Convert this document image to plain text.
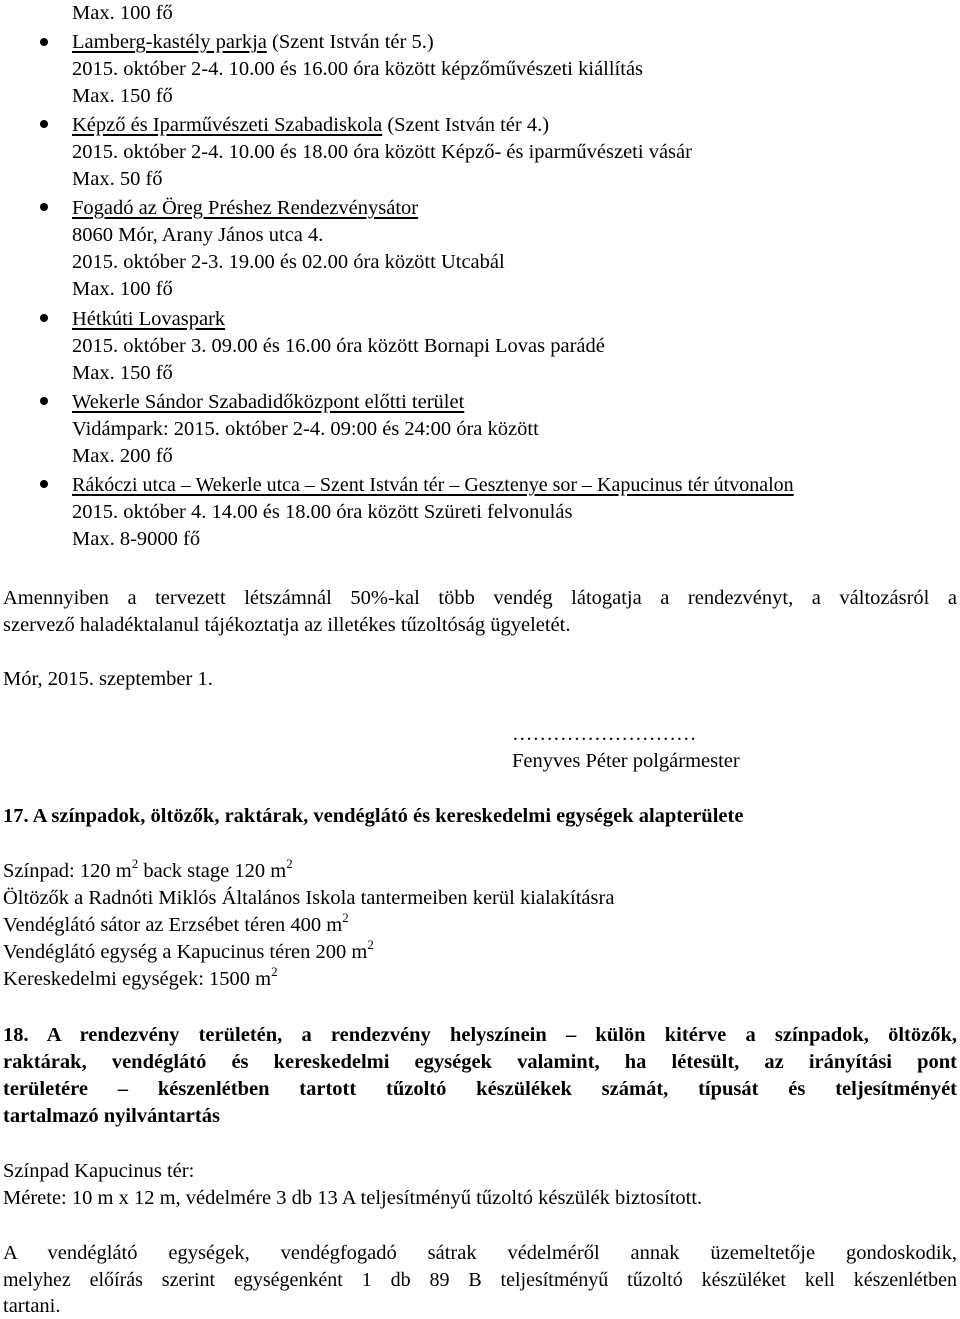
Max. 100 fő
Lamberg-kastély parkja (Szent István tér 5.)
2015. október 2-4. 10.00 és 16.00 óra között képzőművészeti kiállítás
Max. 150 fő
Képző és Iparművészeti Szabadiskola (Szent István tér 4.)
2015. október 2-4. 10.00 és 18.00 óra között Képző- és iparművészeti vásár
Max. 50 fő
Fogadó az Öreg Préshez Rendezvénysátor
8060 Mór, Arany János utca 4.
2015. október 2-3. 19.00 és 02.00 óra között Utcabál
Max. 100 fő
Hétkúti Lovaspark
2015. október 3. 09.00 és 16.00 óra között Bornapi Lovas parádé
Max. 150 fő
Wekerle Sándor Szabadidőközpont előtti terület
Vidámpark: 2015. október 2-4. 09:00 és 24:00 óra között
Max. 200 fő
Rákóczi utca – Wekerle utca – Szent István tér – Gesztenye sor – Kapucinus tér útvonalon
2015. október 4. 14.00 és 18.00 óra között Szüreti felvonulás
Max. 8-9000 fő
Amennyiben a tervezett létszámnál 50%-kal több vendég látogatja a rendezvényt, a változásról a
szervező haladéktalanul tájékoztatja az illetékes tűzoltóság ügyeletét.
Mór, 2015. szeptember 1.
………………………
Fenyves Péter polgármester
17. A színpadok, öltözők, raktárak, vendéglátó és kereskedelmi egységek alapterülete
Színpad: 120 $m^2$ back stage 120 $m^2$
Öltözők a Radnóti Miklós Általános Iskola tantermeiben kerül kialakításra
Vendéglátó sátor az Erzsébet téren 400 $m^2$
Vendéglátó egység a Kapucinus téren 200 $m^2$
Kereskedelmi egységek: 1500 $m^2$
18. A rendezvény területén, a rendezvény helyszínein – külön kitérve a színpadok, öltözők,
raktárak, vendéglátó és kereskedelmi egységek valamint, ha létesült, az irányítási pont
területére – készenlétben tartott tűzoltó készülékek számát, típusát és teljesítményét
tartalmazó nyilvántartás
Színpad Kapucinus tér:
Mérete: 10 m x 12 m, védelmére 3 db 13 A teljesítményű tűzoltó készülék biztosított.
A vendéglátó egységek, vendégfogadó sátrak védelméről annak üzemeltetője gondoskodik,
melyhez előírás szerint egységenként 1 db 89 B teljesítményű tűzoltó készüléket kell készenlétben
tartani.
